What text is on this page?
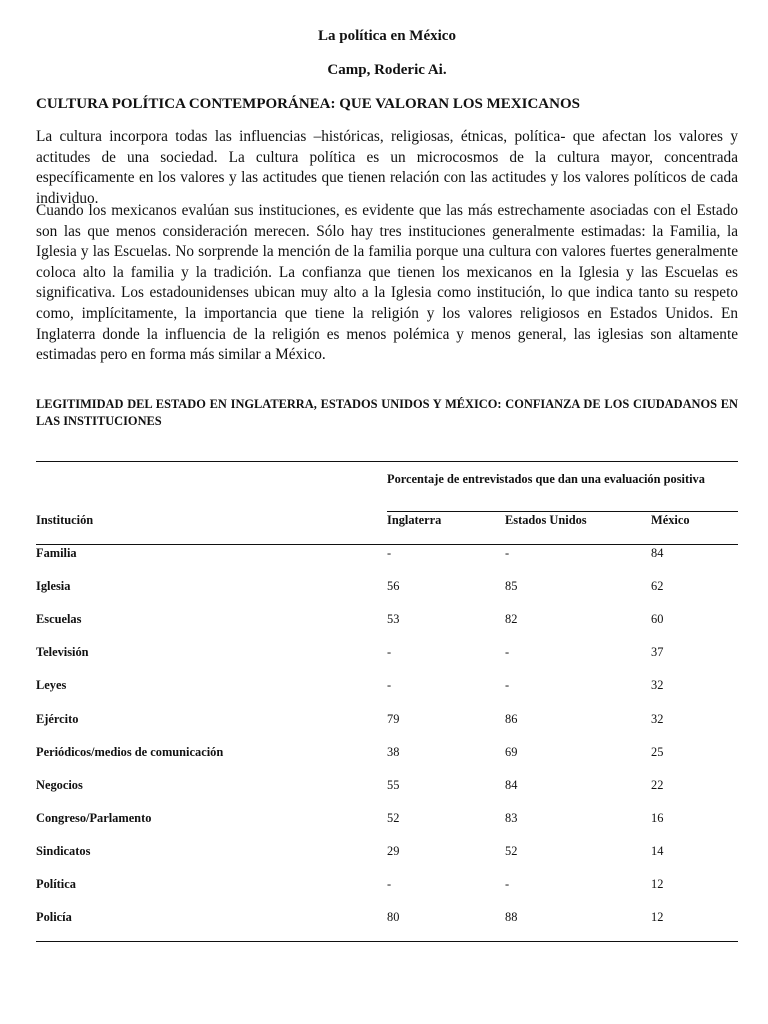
La política en México
Camp, Roderic Ai.
CULTURA POLÍTICA CONTEMPORÁNEA: QUE VALORAN LOS MEXICANOS

La cultura incorpora todas las influencias –históricas, religiosas, étnicas, política- que afectan los valores y actitudes de una sociedad. La cultura política es un microcosmos de la cultura mayor, concentrada específicamente en los valores y las actitudes que tienen relación con las actitudes y los valores políticos de cada individuo.

Cuando los mexicanos evalúan sus instituciones, es evidente que las más estrechamente asociadas con el Estado son las que menos consideración merecen. Sólo hay tres instituciones generalmente estimadas: la Familia, la Iglesia y las Escuelas. No sorprende la mención de la familia porque una cultura con valores fuertes generalmente coloca alto la familia y la tradición. La confianza que tienen los mexicanos en la Iglesia y las Escuelas es significativa. Los estadounidenses ubican muy alto a la Iglesia como institución, lo que indica tanto su respeto como, implícitamente, la importancia que tiene la religión y los valores religiosos en Estados Unidos. En Inglaterra donde la influencia de la religión es menos polémica y menos general, las iglesias son altamente estimadas pero en forma más similar a México.

LEGITIMIDAD DEL ESTADO EN INGLATERRA, ESTADOS UNIDOS Y MÉXICO: CONFIANZA DE LOS CIUDADANOS EN LAS INSTITUCIONES
Porcentaje de entrevistados que dan una evaluación positiva
Institución	Inglaterra	Estados Unidos	México
Familia	-	-	84
Iglesia	56	85	62
Escuelas	53	82	60
Televisión	-	-	37
Leyes	-	-	32
Ejército	79	86	32
Periódicos/medios de comunicación	38	69	25
Negocios	55	84	22
Congreso/Parlamento	52	83	16
Sindicatos	29	52	14
Política	-	-	12
Policía	80	88	12
